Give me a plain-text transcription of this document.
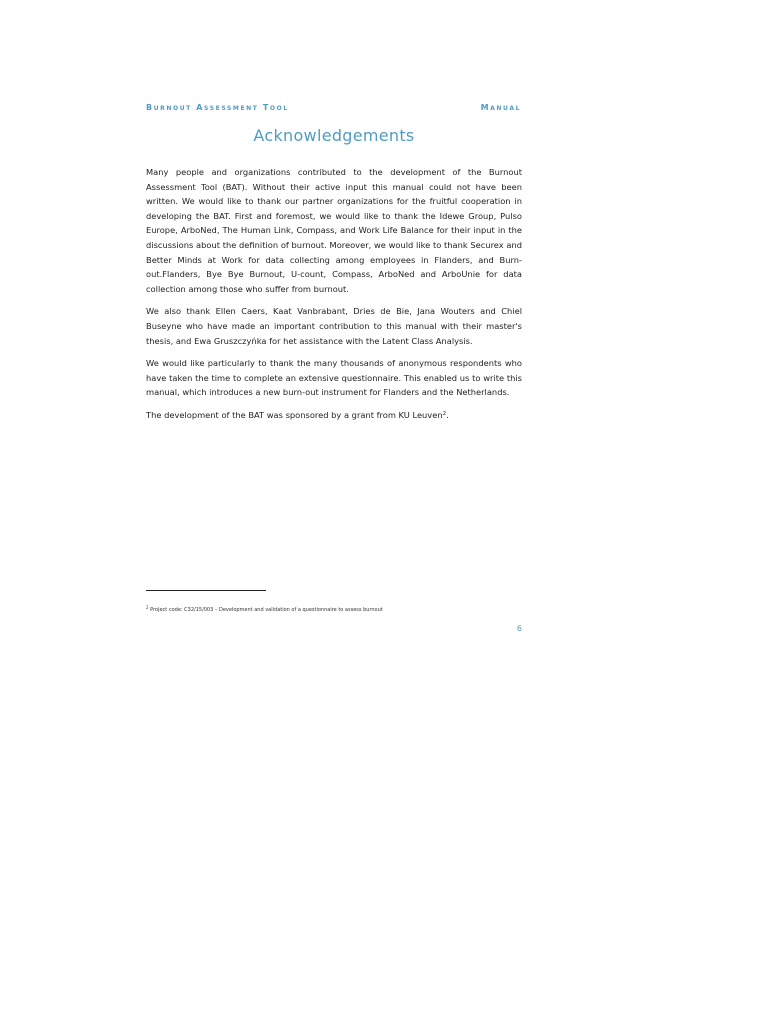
Burnout Assessment Tool	Manual
Acknowledgements

Many people and organizations contributed to the development of the Burnout Assessment Tool (BAT). Without their active input this manual could not have been written. We would like to thank our partner organizations for the fruitful cooperation in developing the BAT. First and foremost, we would like to thank the Idewe Group, Pulso Europe, ArboNed, The Human Link, Compass, and Work Life Balance for their input in the discussions about the definition of burnout. Moreover, we would like to thank Securex and Better Minds at Work for data collecting among employees in Flanders, and Burn-out.Flanders, Bye Bye Burnout, U-count, Compass, ArboNed and ArboUnie for data collection among those who suffer from burnout.

We also thank Ellen Caers, Kaat Vanbrabant, Dries de Bie, Jana Wouters and Chiel Buseyne who have made an important contribution to this manual with their master's thesis, and Ewa Gruszczyńka for het assistance with the Latent Class Analysis.

We would like particularly to thank the many thousands of anonymous respondents who have taken the time to complete an extensive questionnaire. This enabled us to write this manual, which introduces a new burn-out instrument for Flanders and the Netherlands.

The development of the BAT was sponsored by a grant from KU Leuven$^2$.

$^2$ Project code: C32/15/003 – Development and validation of a questionnaire to assess burnout
6
